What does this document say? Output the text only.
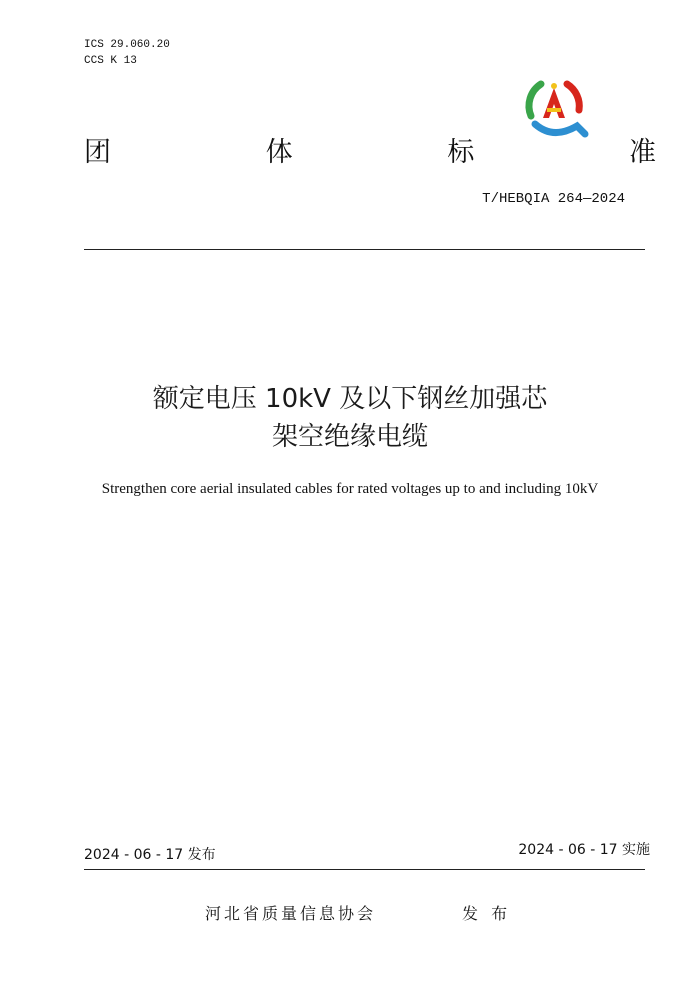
ICS 29.060.20
CCS K 13
团	体	标	准
T/HEBQIA 264—2024
额定电压 10kV 及以下钢丝加强芯
架空绝缘电缆
Strengthen core aerial insulated cables for rated voltages up to and including 10kV
2024 - 06 - 17 发布	2024 - 06 - 17 实施
河北省质量信息协会	发 布
